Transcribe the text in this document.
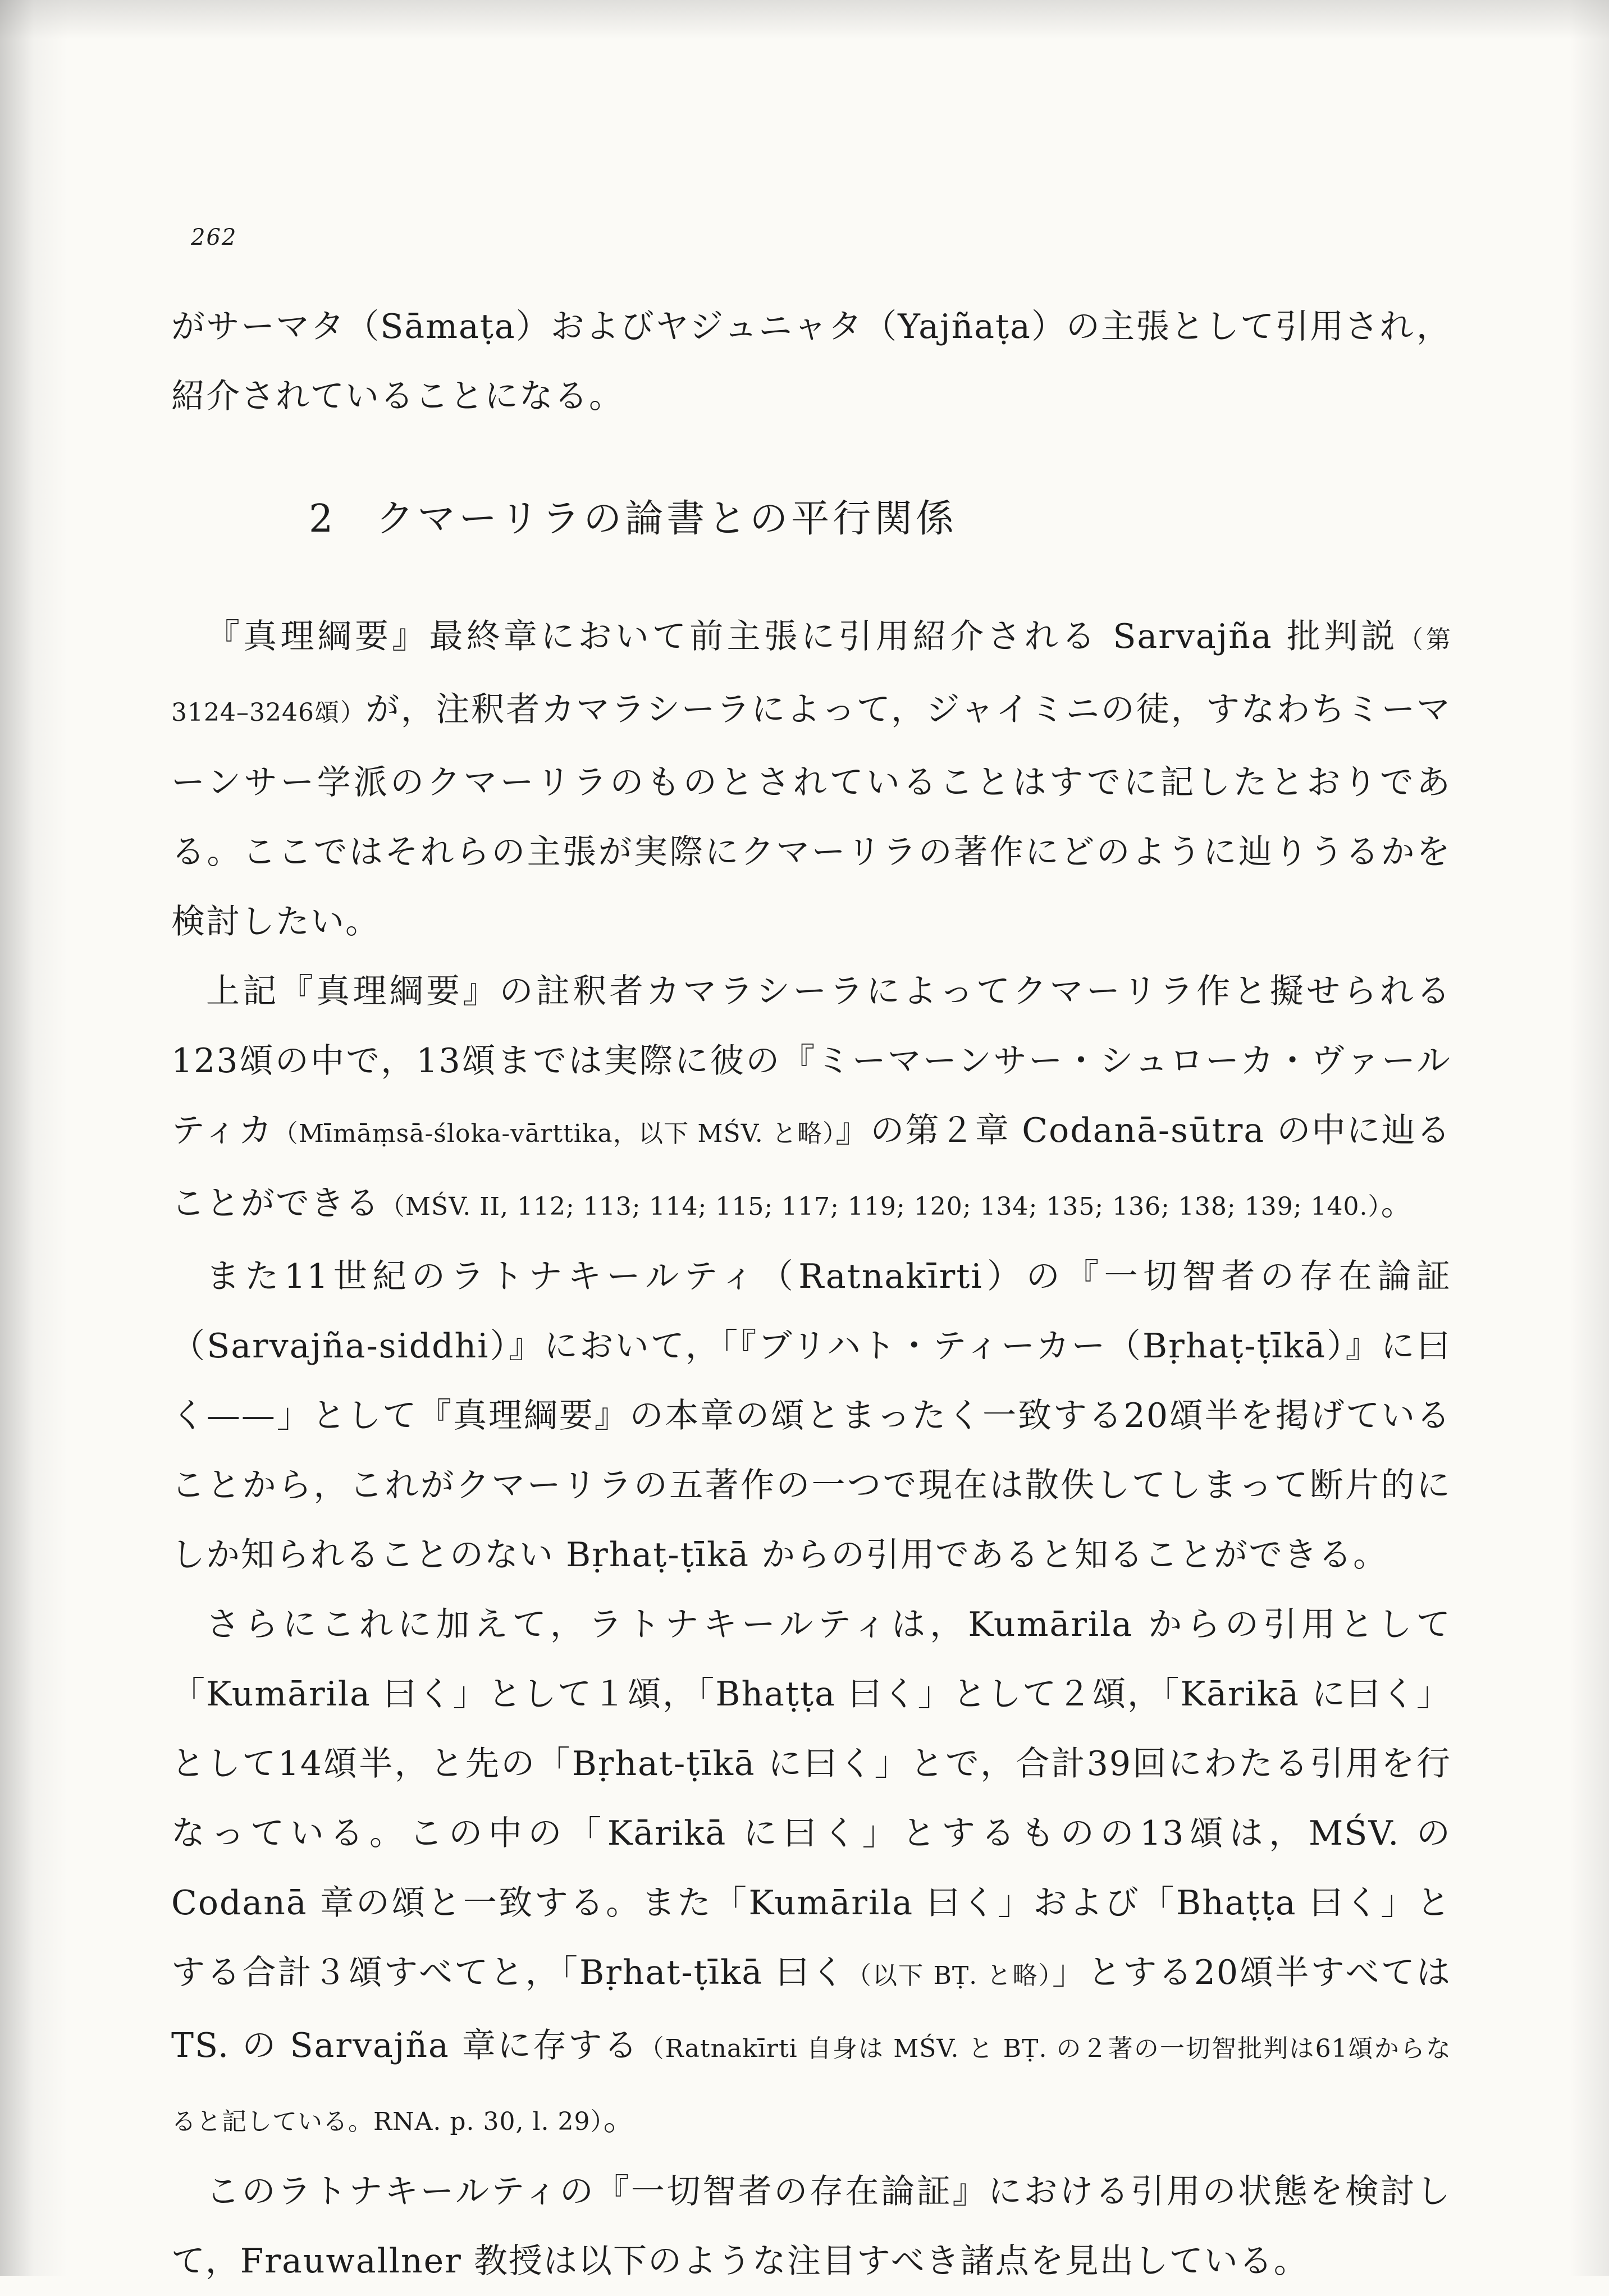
262

がサーマタ（Sāmaṭa）およびヤジュニャタ（Yajñaṭa）の主張として引用され，紹介されていることになる。

2 クマーリラの論書との平行関係

『真理綱要』最終章において前主張に引用紹介される Sarvajña 批判説（第3124–3246頌）が，注釈者カマラシーラによって，ジャイミニの徒，すなわちミーマーンサー学派のクマーリラのものとされていることはすでに記したとおりである。ここではそれらの主張が実際にクマーリラの著作にどのように辿りうるかを検討したい。

上記『真理綱要』の註釈者カマラシーラによってクマーリラ作と擬せられる123頌の中で，13頌までは実際に彼の『ミーマーンサー・シュローカ・ヴァールティカ（Mīmāṃsā-śloka-vārttika，以下 MŚV. と略）』の第２章 Codanā-sūtra の中に辿ることができる（MŚV. II, 112; 113; 114; 115; 117; 119; 120; 134; 135; 136; 138; 139; 140.）。

また11世紀のラトナキールティ（Ratnakīrti）の『一切智者の存在論証（Sarvajña-siddhi）』において，「『ブリハト・ティーカー（Bṛhaṭ-ṭīkā）』に曰く——」として『真理綱要』の本章の頌とまったく一致する20頌半を掲げていることから，これがクマーリラの五著作の一つで現在は散佚してしまって断片的にしか知られることのない Bṛhaṭ-ṭīkā からの引用であると知ることができる。

さらにこれに加えて，ラトナキールティは，Kumārila からの引用として「Kumārila 曰く」として１頌，「Bhaṭṭa 曰く」として２頌，「Kārikā に曰く」として14頌半，と先の「Bṛhat-ṭīkā に曰く」とで，合計39回にわたる引用を行なっている。この中の「Kārikā に曰く」とするものの13頌は，MŚV. の Codanā 章の頌と一致する。また「Kumārila 曰く」および「Bhaṭṭa 曰く」とする合計３頌すべてと，「Bṛhat-ṭīkā 曰く（以下 BṬ. と略）」とする20頌半すべては TS. の Sarvajña 章に存する（Ratnakīrti 自身は MŚV. と BṬ. の２著の一切智批判は61頌からなると記している。RNA. p. 30, l. 29）。

このラトナキールティの『一切智者の存在論証』における引用の状態を検討して，Frauwallner 教授は以下のような注目すべき諸点を見出している。
